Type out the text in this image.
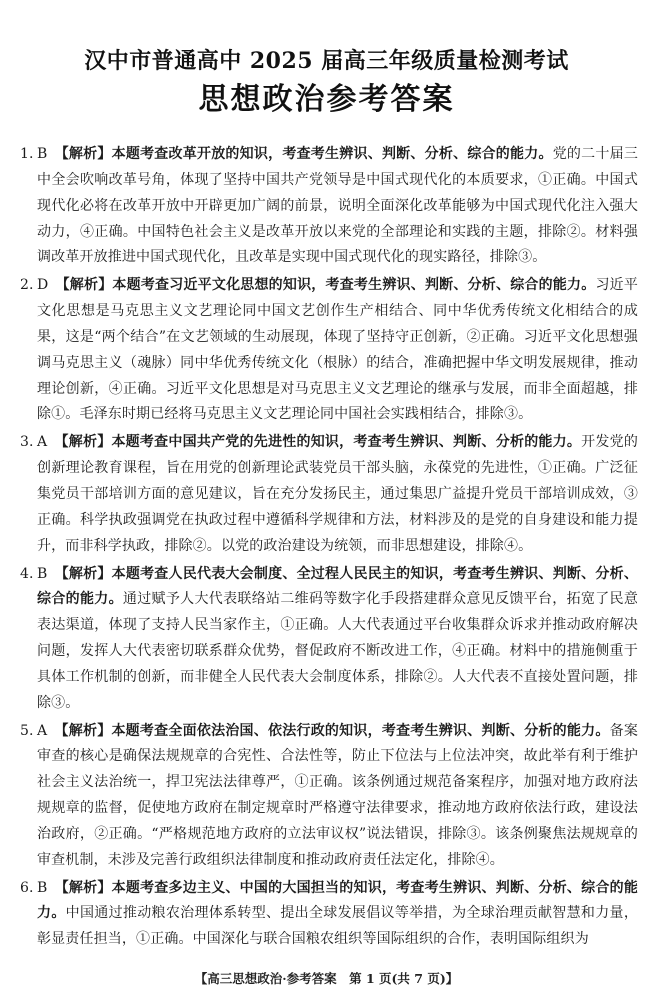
汉中市普通高中 2025 届高三年级质量检测考试
思想政治参考答案
1. B  【解析】本题考查改革开放的知识，考查考生辨识、判断、分析、综合的能力。党的二十届三中全会吹响改革号角，体现了坚持中国共产党领导是中国式现代化的本质要求，①正确。中国式现代化必将在改革开放中开辟更加广阔的前景，说明全面深化改革能够为中国式现代化注入强大动力，④正确。中国特色社会主义是改革开放以来党的全部理论和实践的主题，排除②。材料强调改革开放推进中国式现代化，且改革是实现中国式现代化的现实路径，排除③。
2. D  【解析】本题考查习近平文化思想的知识，考查考生辨识、判断、分析、综合的能力。习近平文化思想是马克思主义文艺理论同中国文艺创作生产相结合、同中华优秀传统文化相结合的成果，这是“两个结合”在文艺领域的生动展现，体现了坚持守正创新，②正确。习近平文化思想强调马克思主义（魂脉）同中华优秀传统文化（根脉）的结合，准确把握中华文明发展规律，推动理论创新，④正确。习近平文化思想是对马克思主义文艺理论的继承与发展，而非全面超越，排除①。毛泽东时期已经将马克思主义文艺理论同中国社会实践相结合，排除③。
3. A  【解析】本题考查中国共产党的先进性的知识，考查考生辨识、判断、分析的能力。开发党的创新理论教育课程，旨在用党的创新理论武装党员干部头脑，永葆党的先进性，①正确。广泛征集党员干部培训方面的意见建议，旨在充分发扬民主，通过集思广益提升党员干部培训成效，③正确。科学执政强调党在执政过程中遵循科学规律和方法，材料涉及的是党的自身建设和能力提升，而非科学执政，排除②。以党的政治建设为统领，而非思想建设，排除④。
4. B  【解析】本题考查人民代表大会制度、全过程人民民主的知识，考查考生辨识、判断、分析、综合的能力。通过赋予人大代表联络站二维码等数字化手段搭建群众意见反馈平台，拓宽了民意表达渠道，体现了支持人民当家作主，①正确。人大代表通过平台收集群众诉求并推动政府解决问题，发挥人大代表密切联系群众优势，督促政府不断改进工作，④正确。材料中的措施侧重于具体工作机制的创新，而非健全人民代表大会制度体系，排除②。人大代表不直接处置问题，排除③。
5. A  【解析】本题考查全面依法治国、依法行政的知识，考查考生辨识、判断、分析的能力。备案审查的核心是确保法规规章的合宪性、合法性等，防止下位法与上位法冲突，故此举有利于维护社会主义法治统一，捍卫宪法法律尊严，①正确。该条例通过规范备案程序，加强对地方政府法规规章的监督，促使地方政府在制定规章时严格遵守法律要求，推动地方政府依法行政，建设法治政府，②正确。“严格规范地方政府的立法审议权”说法错误，排除③。该条例聚焦法规规章的审查机制，未涉及完善行政组织法律制度和推动政府责任法定化，排除④。
6. B  【解析】本题考查多边主义、中国的大国担当的知识，考查考生辨识、判断、分析、综合的能力。中国通过推动粮农治理体系转型、提出全球发展倡议等举措，为全球治理贡献智慧和力量，彰显责任担当，①正确。中国深化与联合国粮农组织等国际组织的合作，表明国际组织为
【高三思想政治·参考答案　第 1 页(共 7 页)】
